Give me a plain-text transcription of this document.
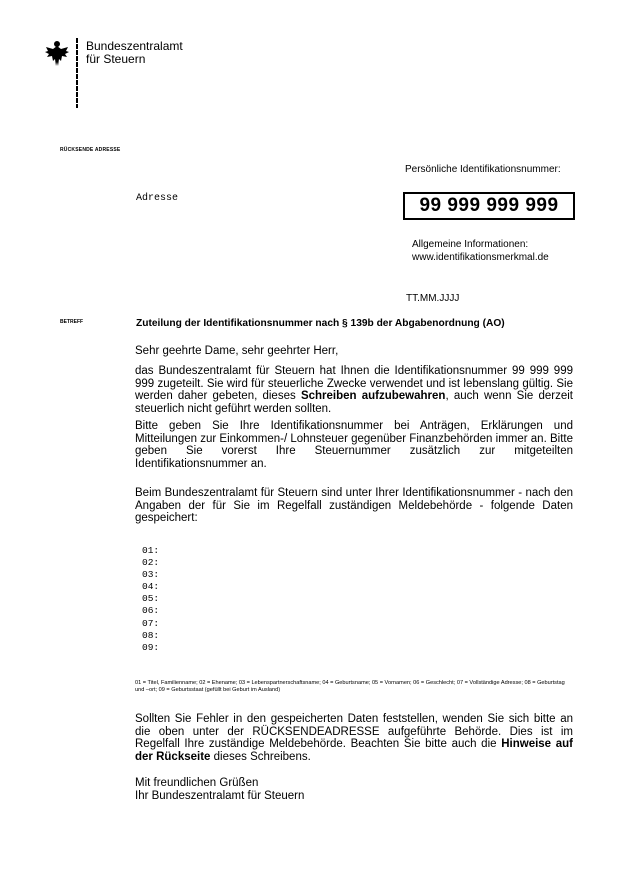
Bundeszentralamt
für Steuern
RÜCKSENDE ADRESSE
Adresse
Persönliche Identifikationsnummer:
99 999 999 999
Allgemeine Informationen:
www.identifikationsmerkmal.de
TT.MM.JJJJ
BETREFF	Zuteilung der Identifikationsnummer nach § 139b der Abgabenordnung (AO)
Sehr geehrte Dame, sehr geehrter Herr,
das Bundeszentralamt für Steuern hat Ihnen die Identifikationsnummer 99 999 999 999 zugeteilt. Sie wird für steuerliche Zwecke verwendet und ist lebenslang gültig. Sie werden daher gebeten, dieses Schreiben aufzubewahren, auch wenn Sie derzeit steuerlich nicht geführt werden sollten.
Bitte geben Sie Ihre Identifikationsnummer bei Anträgen, Erklärungen und Mitteilungen zur Einkommen-/ Lohnsteuer gegenüber Finanzbehörden immer an. Bitte geben Sie vorerst Ihre Steuernummer zusätzlich zur mitgeteilten Identifikationsnummer an.
Beim Bundeszentralamt für Steuern sind unter Ihrer Identifikationsnummer - nach den Angaben der für Sie im Regelfall zuständigen Meldebehörde - folgende Daten gespeichert:
01:
02:
03:
04:
05:
06:
07:
08:
09:
01 = Titel, Familienname; 02 = Ehename; 03 = Lebenspartnerschaftsname; 04 = Geburtsname; 05 = Vornamen; 06 = Geschlecht; 07 = Vollständige Adresse; 08 = Geburtstag und –ort; 09 = Geburtsstaat (gefüllt bei Geburt im Ausland)
Sollten Sie Fehler in den gespeicherten Daten feststellen, wenden Sie sich bitte an die oben unter der RÜCKSENDEADRESSE aufgeführte Behörde. Dies ist im Regelfall Ihre zuständige Meldebehörde. Beachten Sie bitte auch die Hinweise auf der Rückseite dieses Schreibens.
Mit freundlichen Grüßen
Ihr Bundeszentralamt für Steuern
